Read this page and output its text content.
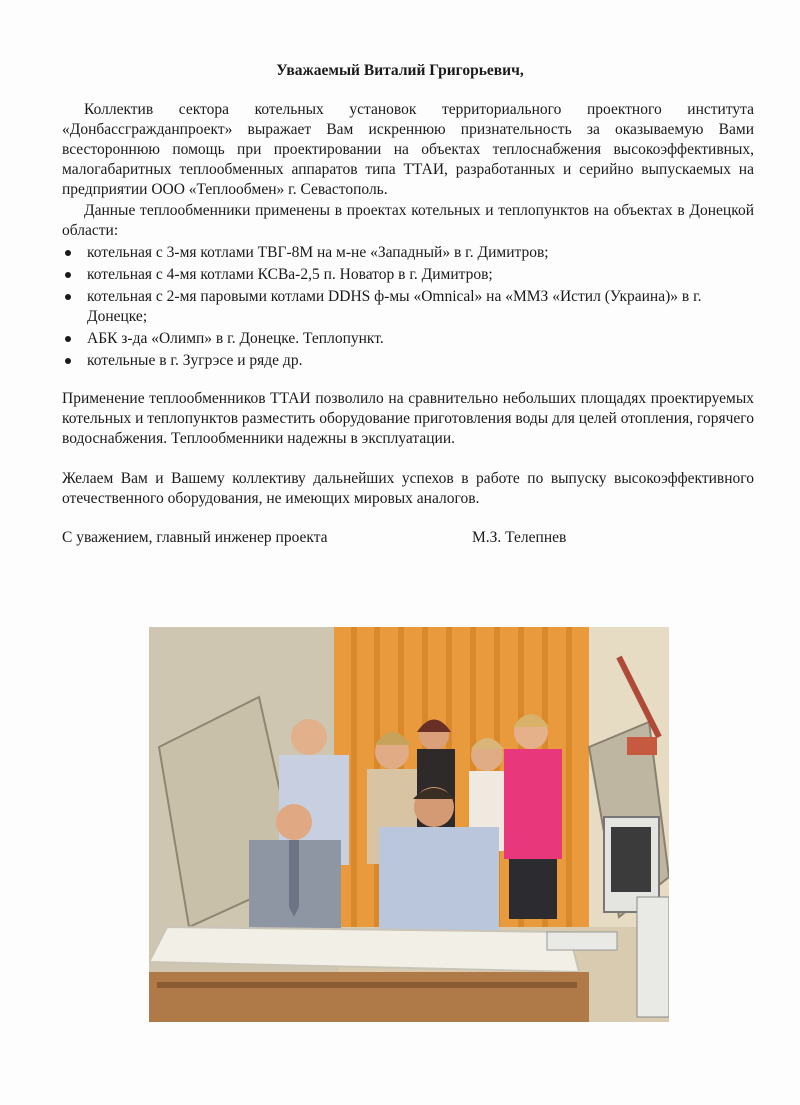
Уважаемый Виталий Григорьевич,
Коллектив сектора котельных установок территориального проектного института «Донбассгражданпроект» выражает Вам искреннюю признательность за оказываемую Вами всестороннюю помощь при проектировании на объектах теплоснабжения высокоэффективных, малогабаритных теплообменных аппаратов типа ТТАИ, разработанных и серийно выпускаемых на предприятии ООО «Теплообмен» г. Севастополь.
Данные теплообменники применены в проектах котельных и теплопунктов на объектах в Донецкой области:
котельная с 3-мя котлами ТВГ-8М на м-не «Западный» в г. Димитров;
котельная с 4-мя котлами КСВа-2,5 п. Новатор в г. Димитров;
котельная с 2-мя паровыми котлами DDHS ф-мы «Omnical» на «ММЗ «Истил (Украина)» в г. Донецке;
АБК з-да «Олимп» в г. Донецке. Теплопункт.
котельные в г. Зугрэсе и ряде др.
Применение теплообменников ТТАИ позволило на сравнительно небольших площадях проектируемых котельных и теплопунктов разместить оборудование приготовления воды для целей отопления, горячего водоснабжения. Теплообменники надежны в эксплуатации.
Желаем Вам и Вашему коллективу дальнейших успехов в работе по выпуску высокоэффективного отечественного оборудования, не имеющих мировых аналогов.
С уважением, главный инженер проекта	М.З. Телепнев
